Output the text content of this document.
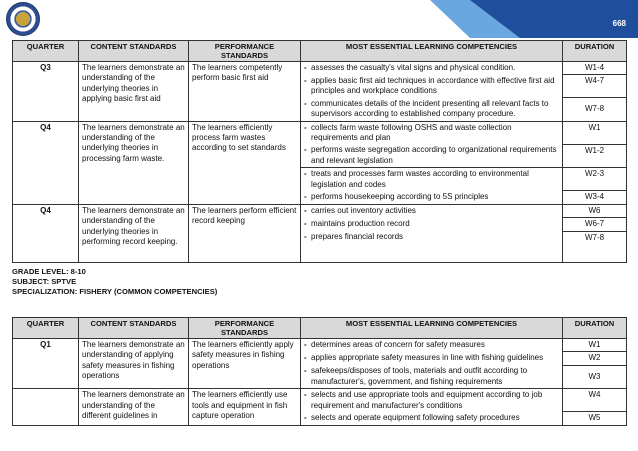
668
QUARTER	CONTENT STANDARDS	PERFORMANCE STANDARDS	MOST ESSENTIAL LEARNING COMPETENCIES	DURATION
Q3	The learners demonstrate an understanding of the underlying theories in applying basic first aid	The learners competently perform basic first aid	- assesses the casualty's vital signs and physical condition.	W1-4
			- applies basic first aid techniques in accordance with effective first aid principles and workplace conditions	W4-7
			- communicates details of the incident presenting all relevant facts to supervisors according to established company procedure.	W7-8
Q4	The learners demonstrate an understanding of the underlying theories in processing farm waste.	The learners efficiently process farm wastes according to set standards	- collects farm waste following OSHS and waste collection requirements and plan	W1
			- performs waste segregation according to organizational requirements and relevant legislation	W1-2
			- treats and processes farm wastes according to environmental legislation and codes	W2-3
			- performs housekeeping according to 5S principles	W3-4
Q4	The learners demonstrate an understanding of the underlying theories in performing record keeping.	The learners perform efficient record keeping	- carries out inventory activities	W6
			- maintains production record	W6-7
			- prepares financial records	W7-8
GRADE LEVEL: 8-10
SUBJECT: SPTVE
SPECIALIZATION: FISHERY (COMMON COMPETENCIES)
QUARTER	CONTENT STANDARDS	PERFORMANCE STANDARDS	MOST ESSENTIAL LEARNING COMPETENCIES	DURATION
Q1	The learners demonstrate an understanding of applying safety measures in fishing operations	The learners efficiently apply safety measures in fishing operations	- determines areas of concern for safety measures	W1
			- applies appropriate safety measures in line with fishing guidelines	W2
			- safekeeps/disposes of tools, materials and outfit according to manufacturer's, government, and fishing requirements	W3
	The learners demonstrate an understanding of the different guidelines in	The learners efficiently use tools and equipment in fish capture operation	- selects and use appropriate tools and equipment according to job requirement and manufacturer's conditions	W4
			- selects and operate equipment following safety procedures	W5
